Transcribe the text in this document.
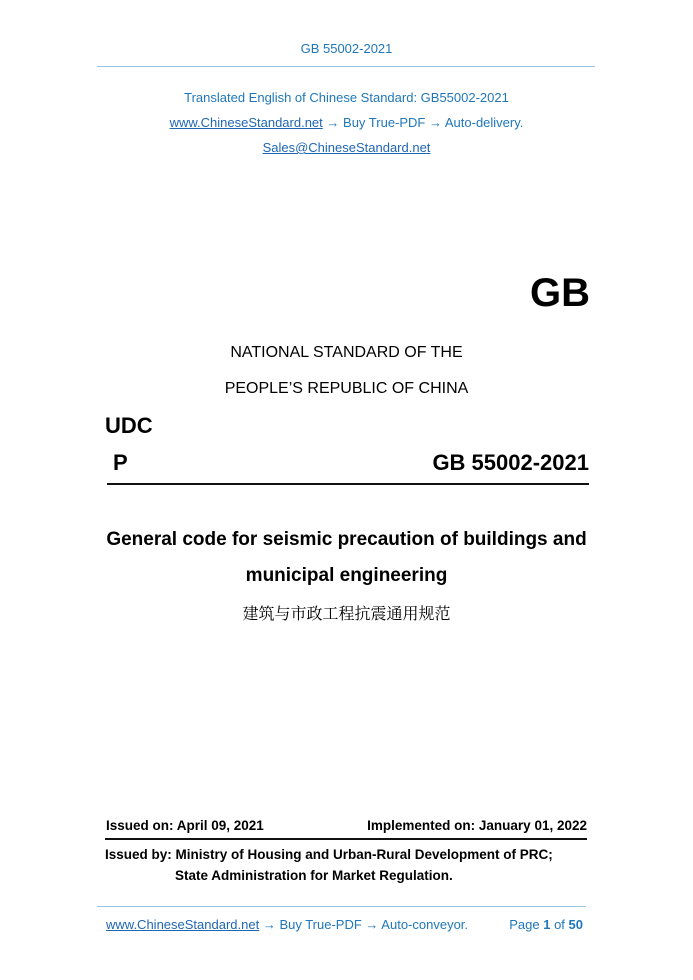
GB 55002-2021
Translated English of Chinese Standard: GB55002-2021
www.ChineseStandard.net → Buy True-PDF → Auto-delivery.
Sales@ChineseStandard.net
GB
NATIONAL STANDARD OF THE
PEOPLE’S REPUBLIC OF CHINA
UDC
P	GB 55002-2021
General code for seismic precaution of buildings and
municipal engineering
建筑与市政工程抗震通用规范
Issued on: April 09, 2021	Implemented on: January 01, 2022
Issued by: Ministry of Housing and Urban-Rural Development of PRC;
State Administration for Market Regulation.
www.ChineseStandard.net → Buy True-PDF → Auto-conveyor.	Page 1 of 50
